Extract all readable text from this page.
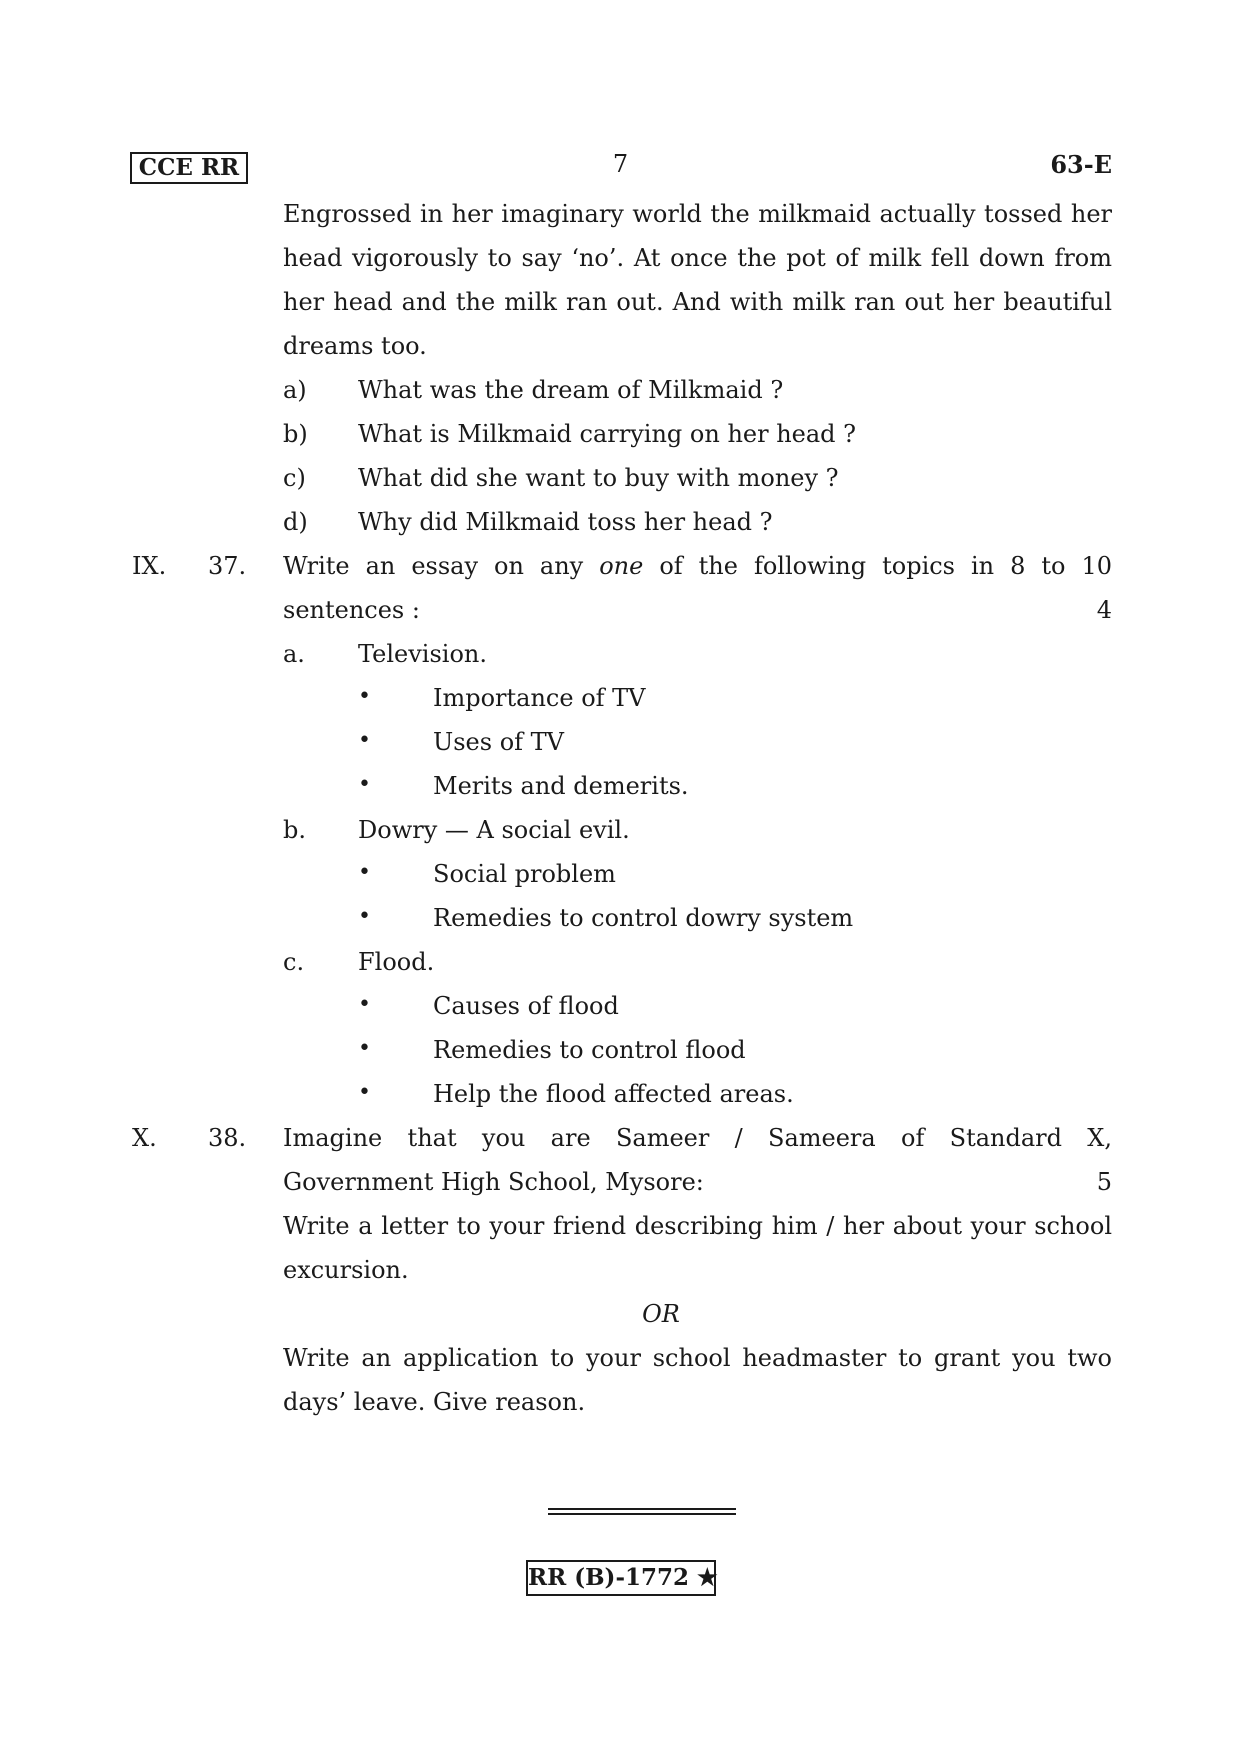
CCE RR	7	63-E
Engrossed in her imaginary world the milkmaid actually tossed her
head vigorously to say ‘no’. At once the pot of milk fell down from
her head and the milk ran out. And with milk ran out her beautiful
dreams too.
a) What was the dream of Milkmaid ?
b) What is Milkmaid carrying on her head ?
c) What did she want to buy with money ?
d) Why did Milkmaid toss her head ?
IX. 37. Write an essay on any one of the following topics in 8 to 10
sentences :	4
a. Television.
•	Importance of TV
•	Uses of TV
•	Merits and demerits.
b. Dowry — A social evil.
•	Social problem
•	Remedies to control dowry system
c. Flood.
•	Causes of flood
•	Remedies to control flood
•	Help the flood affected areas.
X. 38. Imagine that you are Sameer / Sameera of Standard X,
Government High School, Mysore:	5
Write a letter to your friend describing him / her about your school
excursion.
OR
Write an application to your school headmaster to grant you two
days’ leave. Give reason.
RR (B)-1772 ★
